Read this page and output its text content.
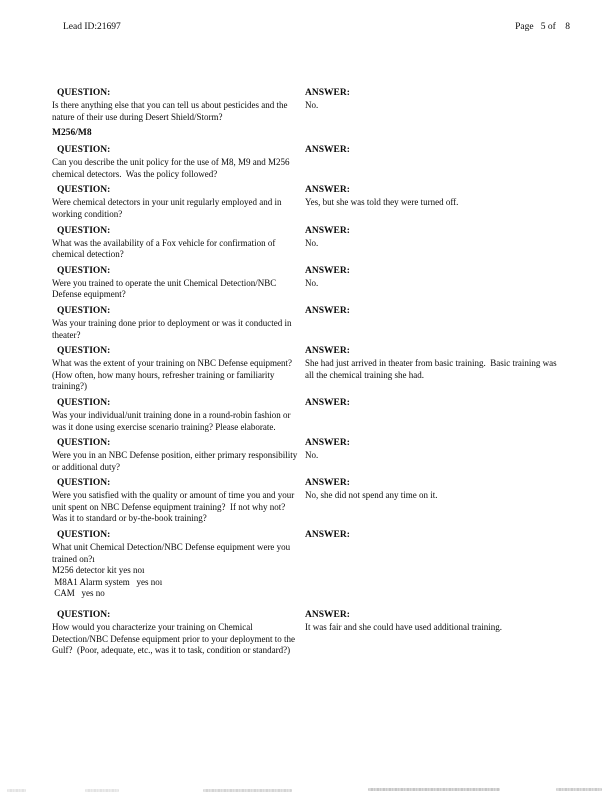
Lead ID:21697	Page   5 of    8
QUESTION:
Is there anything else that you can tell us about pesticides and the nature of their use during Desert Shield/Storm?
ANSWER:
No.
M256/M8
QUESTION:
Can you describe the unit policy for the use of M8, M9 and M256 chemical detectors.  Was the policy followed?
ANSWER:
QUESTION:
Were chemical detectors in your unit regularly employed and in working condition?
ANSWER:
Yes, but she was told they were turned off.
QUESTION:
What was the availability of a Fox vehicle for confirmation of chemical detection?
ANSWER:
No.
QUESTION:
Were you trained to operate the unit Chemical Detection/NBC Defense equipment?
ANSWER:
No.
QUESTION:
Was your training done prior to deployment or was it conducted in theater?
ANSWER:
QUESTION:
What was the extent of your training on NBC Defense equipment?  (How often, how many hours, refresher training or familiarity training?)
ANSWER:
She had just arrived in theater from basic training.  Basic training was all the chemical training she had.
QUESTION:
Was your individual/unit training done in a round-robin fashion or was it done using exercise scenario training? Please elaborate.
ANSWER:
QUESTION:
Were you in an NBC Defense position, either primary responsibility or additional duty?
ANSWER:
No.
QUESTION:
Were you satisfied with the quality or amount of time you and your unit spent on NBC Defense equipment training?  If not why not?  Was it to standard or by-the-book training?
ANSWER:
No, she did not spend any time on it.
QUESTION:
What unit Chemical Detection/NBC Defense equipment were you trained on?ı
M256 detector kit yes noı
M8A1 Alarm system   yes noı
CAM   yes no
ANSWER:
QUESTION:
How would you characterize your training on Chemical Detection/NBC Defense equipment prior to your deployment to the Gulf?  (Poor, adequate, etc., was it to task, condition or standard?)
ANSWER:
It was fair and she could have used additional training.
